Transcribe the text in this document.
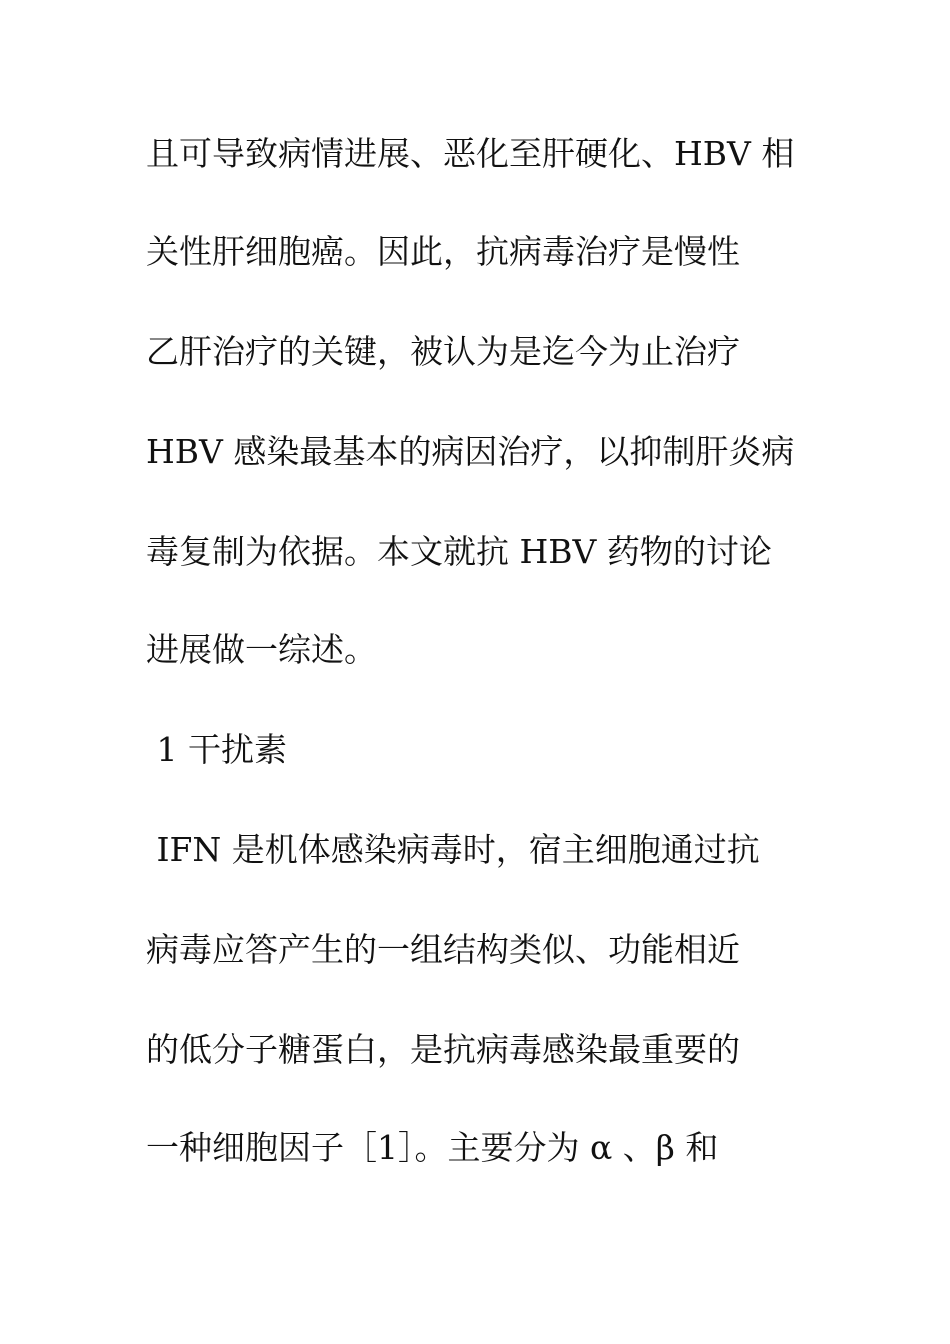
且可导致病情进展、恶化至肝硬化、HBV 相
关性肝细胞癌。因此，抗病毒治疗是慢性
乙肝治疗的关键，被认为是迄今为止治疗
HBV 感染最基本的病因治疗，以抑制肝炎病
毒复制为依据。本文就抗 HBV 药物的讨论
进展做一综述。
1 干扰素
IFN 是机体感染病毒时，宿主细胞通过抗
病毒应答产生的一组结构类似、功能相近
的低分子糖蛋白，是抗病毒感染最重要的
一种细胞因子［1］。主要分为 α 、β 和
